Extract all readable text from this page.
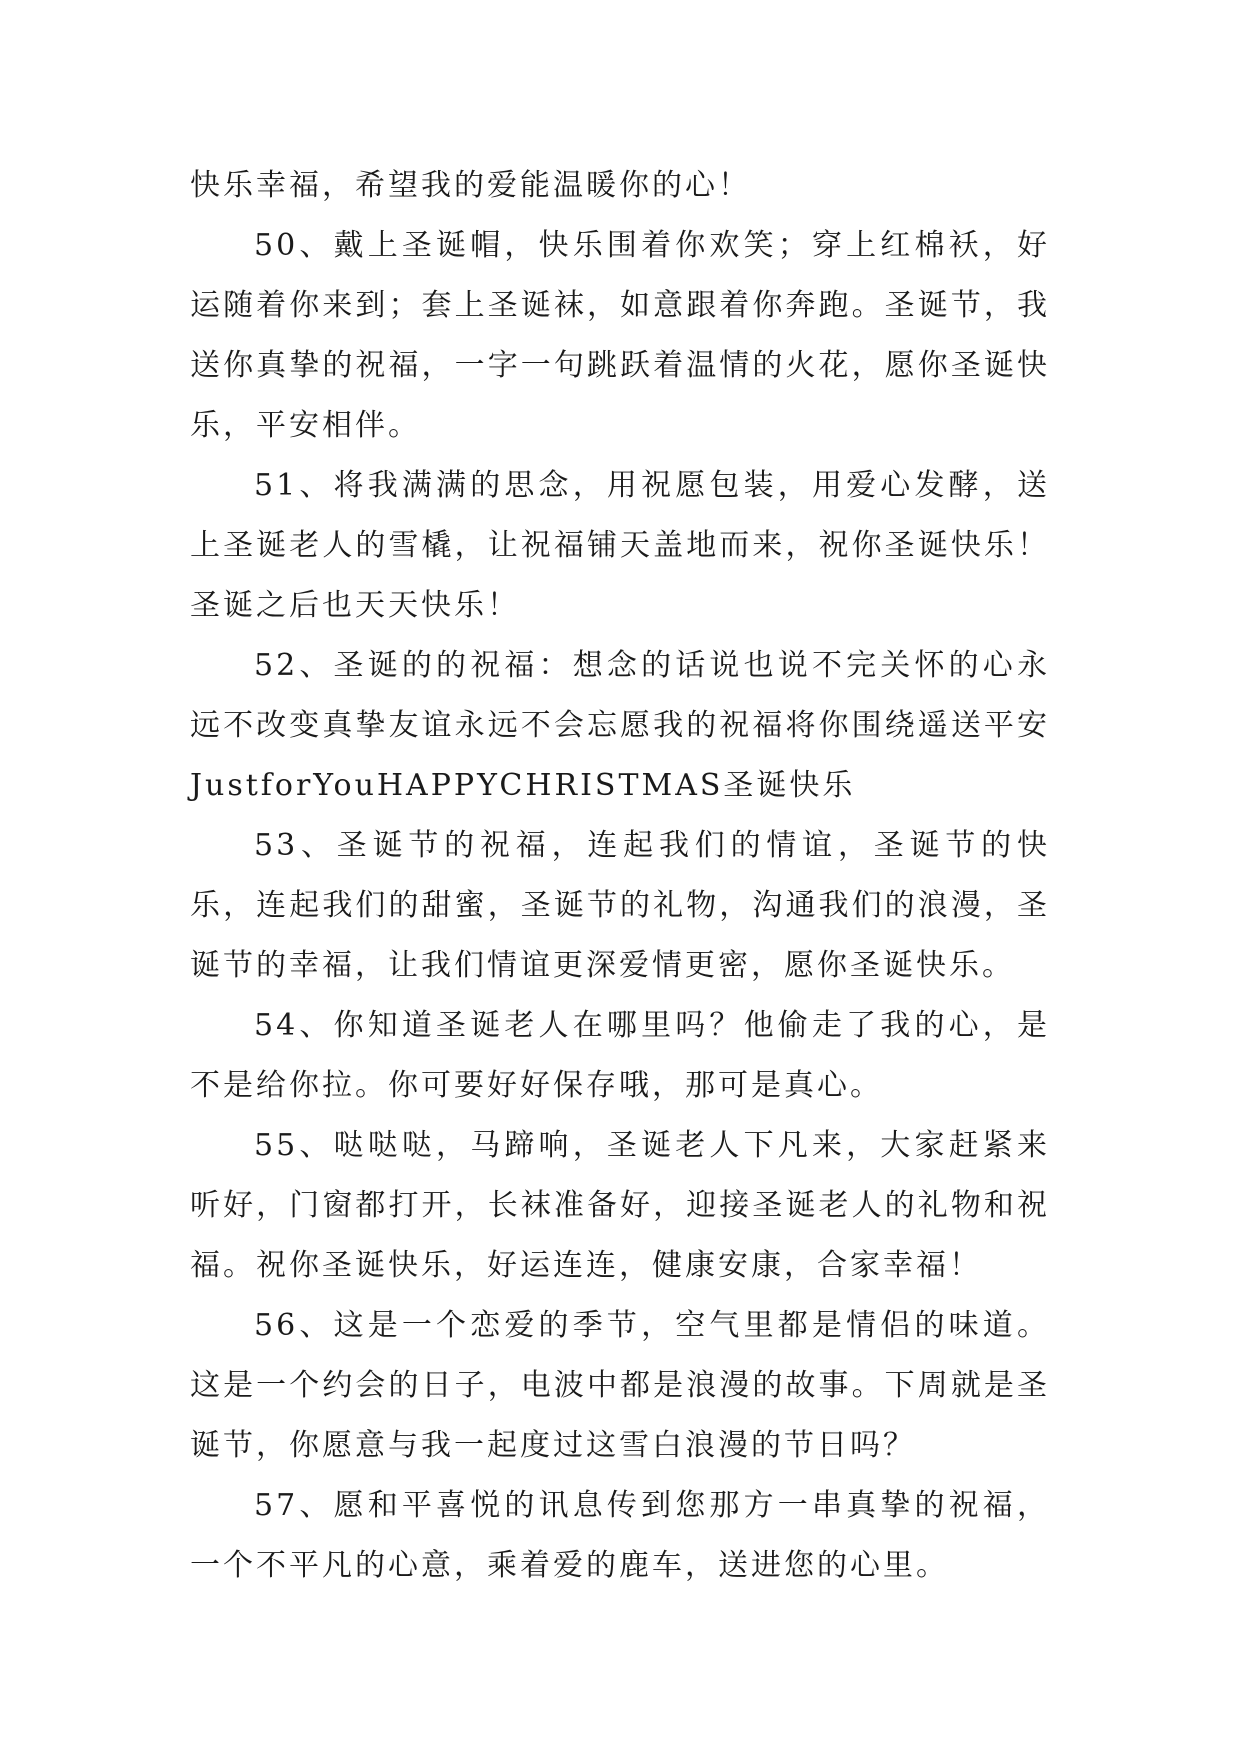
快乐幸福，希望我的爱能温暖你的心！

50、戴上圣诞帽，快乐围着你欢笑；穿上红棉袄，好运随着你来到；套上圣诞袜，如意跟着你奔跑。圣诞节，我送你真挚的祝福，一字一句跳跃着温情的火花，愿你圣诞快乐，平安相伴。

51、将我满满的思念，用祝愿包装，用爱心发酵，送上圣诞老人的雪橇，让祝福铺天盖地而来，祝你圣诞快乐！圣诞之后也天天快乐！

52、圣诞的的祝福：想念的话说也说不完关怀的心永远不改变真挚友谊永远不会忘愿我的祝福将你围绕遥送平安JustforYouHAPPYCHRISTMAS圣诞快乐

53、圣诞节的祝福，连起我们的情谊，圣诞节的快乐，连起我们的甜蜜，圣诞节的礼物，沟通我们的浪漫，圣诞节的幸福，让我们情谊更深爱情更密，愿你圣诞快乐。

54、你知道圣诞老人在哪里吗？他偷走了我的心，是不是给你拉。你可要好好保存哦，那可是真心。

55、哒哒哒，马蹄响，圣诞老人下凡来，大家赶紧来听好，门窗都打开，长袜准备好，迎接圣诞老人的礼物和祝福。祝你圣诞快乐，好运连连，健康安康，合家幸福！

56、这是一个恋爱的季节，空气里都是情侣的味道。这是一个约会的日子，电波中都是浪漫的故事。下周就是圣诞节，你愿意与我一起度过这雪白浪漫的节日吗？

57、愿和平喜悦的讯息传到您那方一串真挚的祝福，一个不平凡的心意，乘着爱的鹿车，送进您的心里。
